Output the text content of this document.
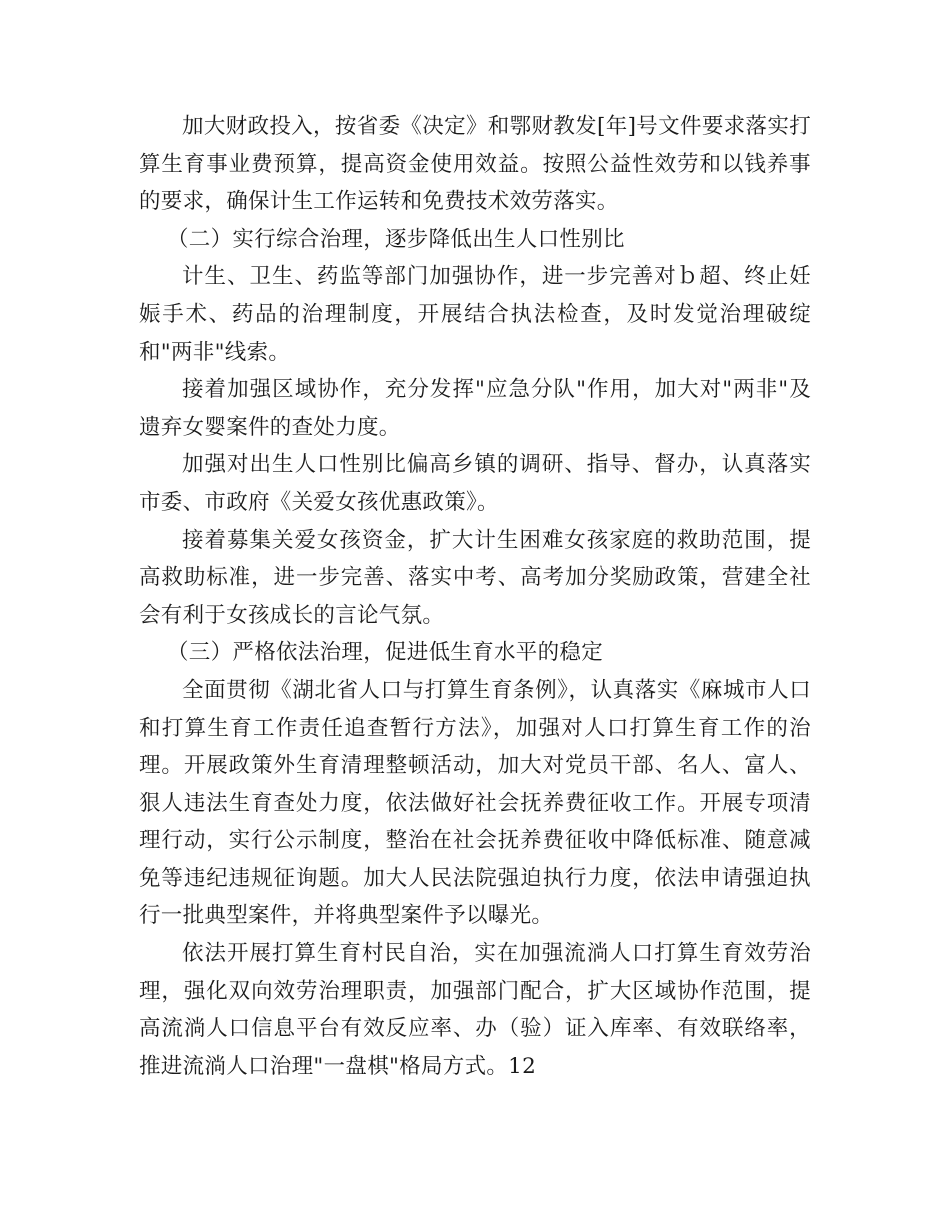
加大财政投入，按省委《决定》和鄂财教发[年]号文件要求落实打算生育事业费预算，提高资金使用效益。按照公益性效劳和以钱养事的要求，确保计生工作运转和免费技术效劳落实。

（二）实行综合治理，逐步降低出生人口性别比

计生、卫生、药监等部门加强协作，进一步完善对ｂ超、终止妊娠手术、药品的治理制度，开展结合执法检查，及时发觉治理破绽和"两非"线索。

接着加强区域协作，充分发挥"应急分队"作用，加大对"两非"及遗弃女婴案件的查处力度。

加强对出生人口性别比偏高乡镇的调研、指导、督办，认真落实市委、市政府《关爱女孩优惠政策》。

接着募集关爱女孩资金，扩大计生困难女孩家庭的救助范围，提高救助标准，进一步完善、落实中考、高考加分奖励政策，营建全社会有利于女孩成长的言论气氛。

（三）严格依法治理，促进低生育水平的稳定

全面贯彻《湖北省人口与打算生育条例》，认真落实《麻城市人口和打算生育工作责任追查暂行方法》，加强对人口打算生育工作的治理。开展政策外生育清理整顿活动，加大对党员干部、名人、富人、狠人违法生育查处力度，依法做好社会抚养费征收工作。开展专项清理行动，实行公示制度，整治在社会抚养费征收中降低标准、随意减免等违纪违规征询题。加大人民法院强迫执行力度，依法申请强迫执行一批典型案件，并将典型案件予以曝光。

依法开展打算生育村民自治，实在加强流淌人口打算生育效劳治理，强化双向效劳治理职责，加强部门配合，扩大区域协作范围，提高流淌人口信息平台有效反应率、办（验）证入库率、有效联络率，推进流淌人口治理"一盘棋"格局方式。12
